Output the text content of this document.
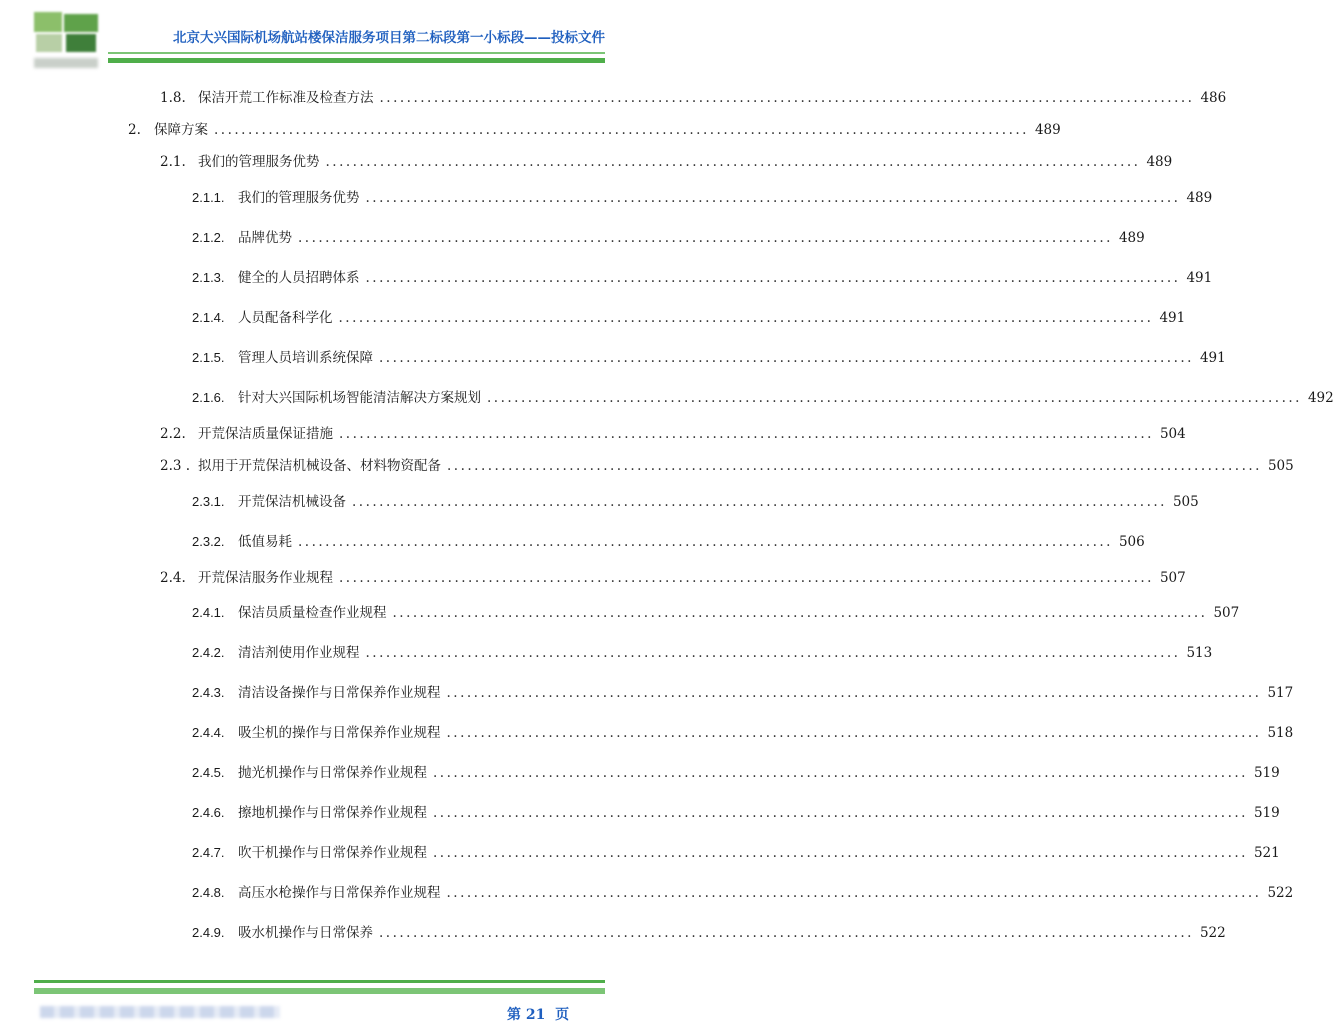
北京大兴国际机场航站楼保洁服务项目第二标段第一小标段——投标文件
1.8. 保洁开荒工作标准及检查方法 ........................................................................................................................ 486
2. 保障方案 ........................................................................................................................ 489
2.1. 我们的管理服务优势 ........................................................................................................................ 489
2.1.1. 我们的管理服务优势 ........................................................................................................................ 489
2.1.2. 品牌优势 ........................................................................................................................ 489
2.1.3. 健全的人员招聘体系 ........................................................................................................................ 491
2.1.4. 人员配备科学化 ........................................................................................................................ 491
2.1.5. 管理人员培训系统保障 ........................................................................................................................ 491
2.1.6. 针对大兴国际机场智能清洁解决方案规划 ........................................................................................................................ 492
2.2. 开荒保洁质量保证措施 ........................................................................................................................ 504
2.3 . 拟用于开荒保洁机械设备、材料物资配备 ........................................................................................................................ 505
2.3.1. 开荒保洁机械设备 ........................................................................................................................ 505
2.3.2. 低值易耗 ........................................................................................................................ 506
2.4. 开荒保洁服务作业规程 ........................................................................................................................ 507
2.4.1. 保洁员质量检查作业规程 ........................................................................................................................ 507
2.4.2. 清洁剂使用作业规程 ........................................................................................................................ 513
2.4.3. 清洁设备操作与日常保养作业规程 ........................................................................................................................ 517
2.4.4. 吸尘机的操作与日常保养作业规程 ........................................................................................................................ 518
2.4.5. 抛光机操作与日常保养作业规程 ........................................................................................................................ 519
2.4.6. 擦地机操作与日常保养作业规程 ........................................................................................................................ 519
2.4.7. 吹干机操作与日常保养作业规程 ........................................................................................................................ 521
2.4.8. 高压水枪操作与日常保养作业规程 ........................................................................................................................ 522
2.4.9. 吸水机操作与日常保养 ........................................................................................................................ 522
第 21  页
